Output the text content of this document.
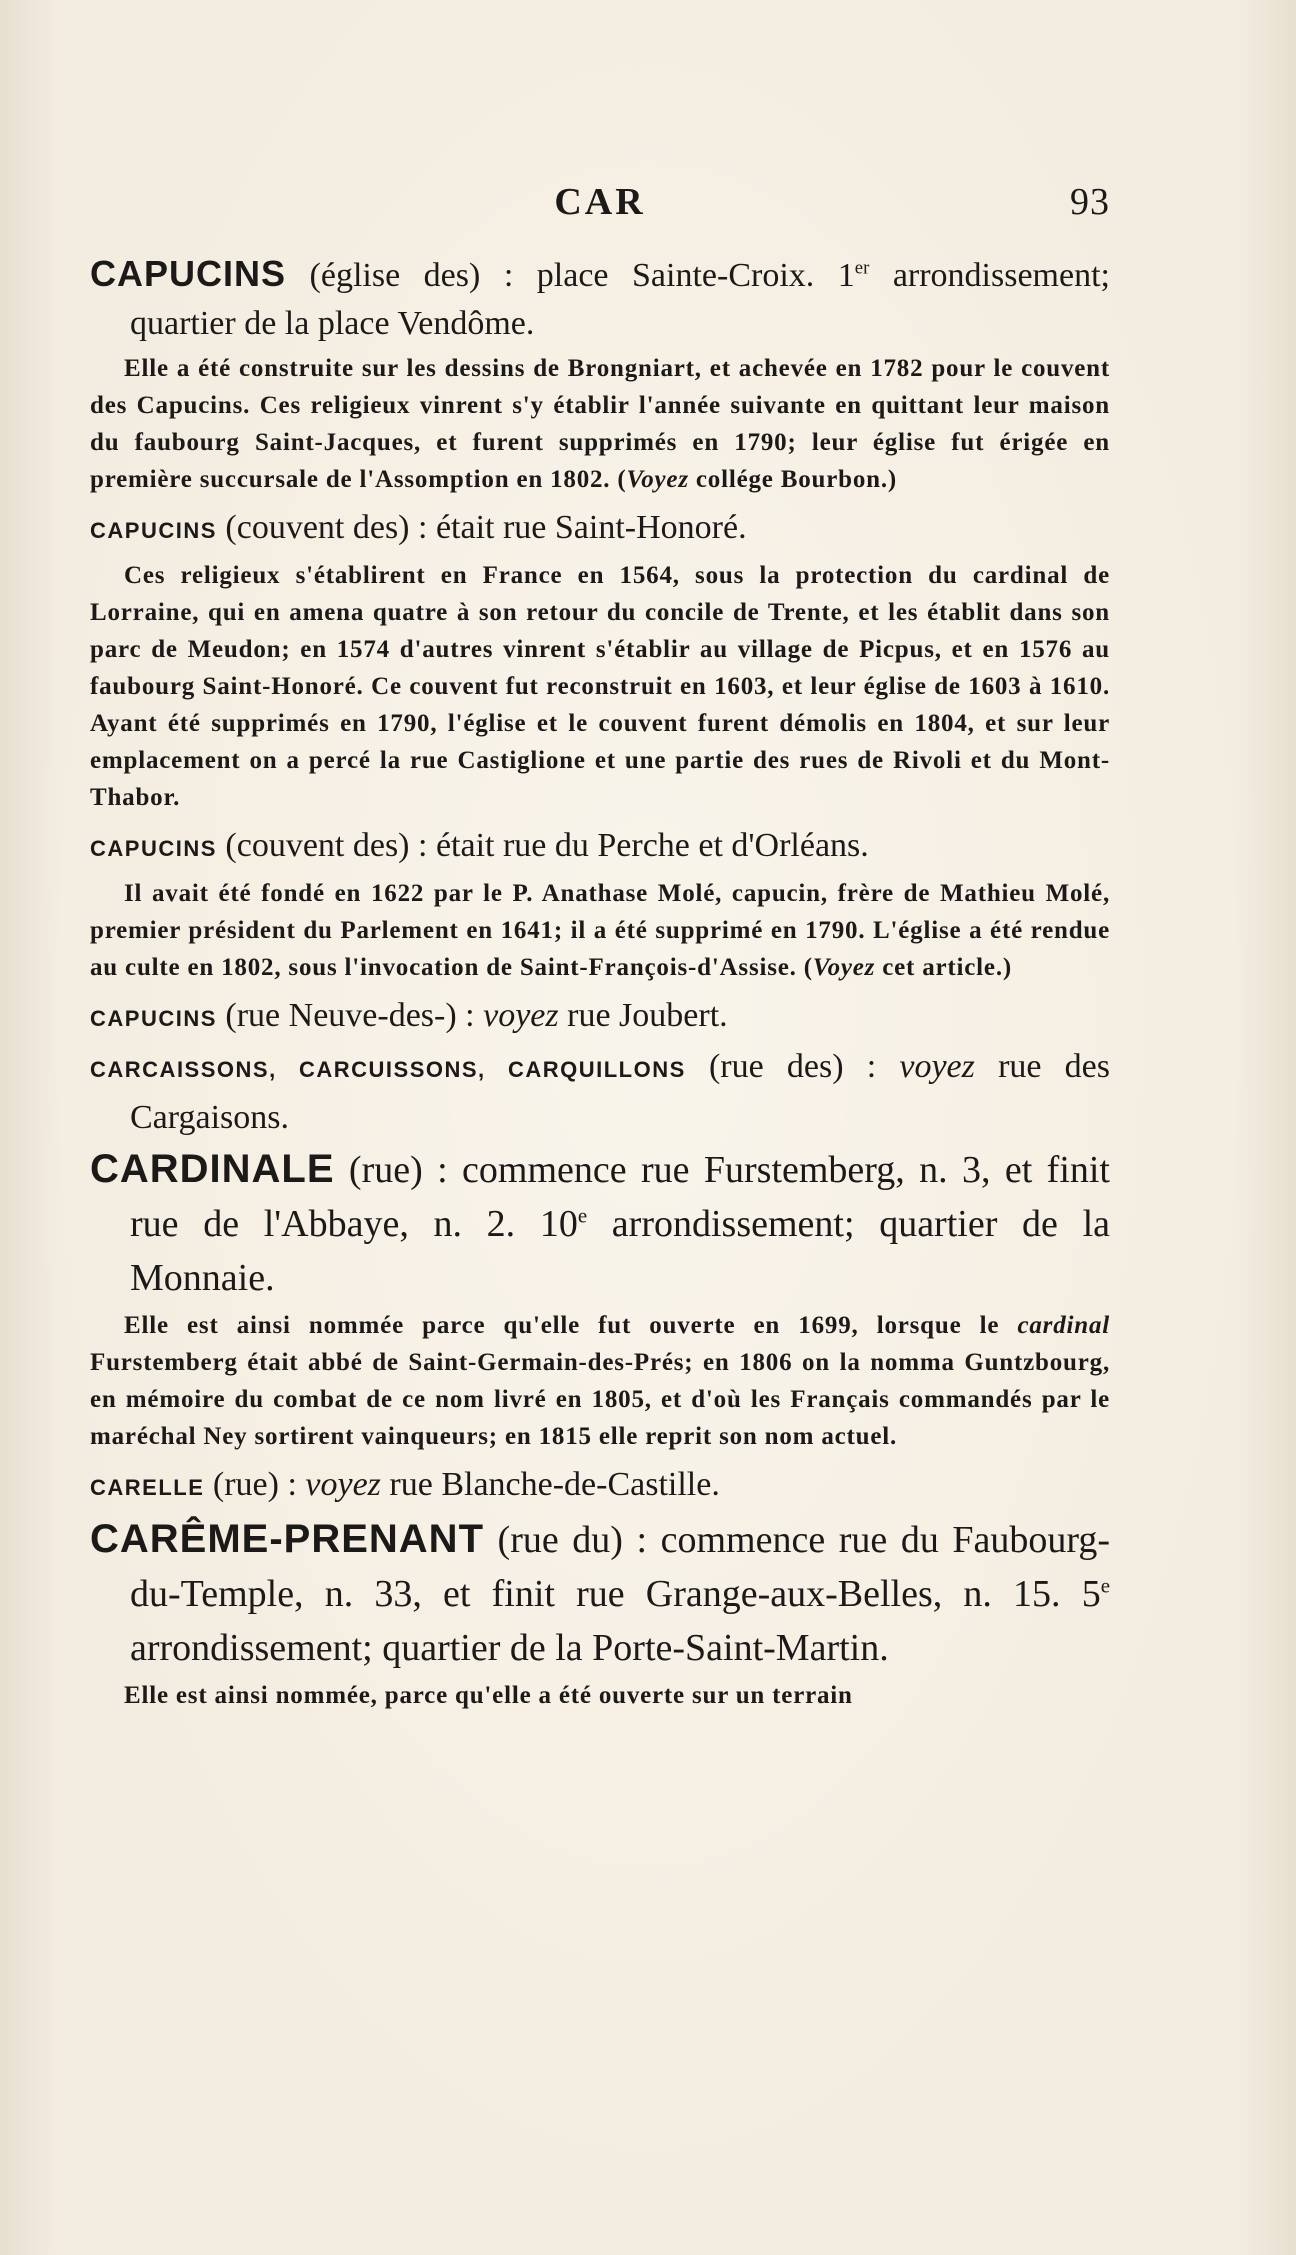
CAR	93

CAPUCINS (église des) : place Sainte-Croix. 1er arrondissement; quartier de la place Vendôme.

Elle a été construite sur les dessins de Brongniart, et achevée en 1782 pour le couvent des Capucins. Ces religieux vinrent s'y établir l'année suivante en quittant leur maison du faubourg Saint-Jacques, et furent supprimés en 1790; leur église fut érigée en première succursale de l'Assomption en 1802. (Voyez collége Bourbon.)

CAPUCINS (couvent des) : était rue Saint-Honoré.

Ces religieux s'établirent en France en 1564, sous la protection du cardinal de Lorraine, qui en amena quatre à son retour du concile de Trente, et les établit dans son parc de Meudon; en 1574 d'autres vinrent s'établir au village de Picpus, et en 1576 au faubourg Saint-Honoré. Ce couvent fut reconstruit en 1603, et leur église de 1603 à 1610. Ayant été supprimés en 1790, l'église et le couvent furent démolis en 1804, et sur leur emplacement on a percé la rue Castiglione et une partie des rues de Rivoli et du Mont-Thabor.

CAPUCINS (couvent des) : était rue du Perche et d'Orléans.

Il avait été fondé en 1622 par le P. Anathase Molé, capucin, frère de Mathieu Molé, premier président du Parlement en 1641; il a été supprimé en 1790. L'église a été rendue au culte en 1802, sous l'invocation de Saint-François-d'Assise. (Voyez cet article.)

CAPUCINS (rue Neuve-des-) : voyez rue Joubert.

CARCAISSONS, CARCUISSONS, CARQUILLONS (rue des) : voyez rue des Cargaisons.

CARDINALE (rue) : commence rue Furstemberg, n. 3, et finit rue de l'Abbaye, n. 2. 10e arrondissement; quartier de la Monnaie.

Elle est ainsi nommée parce qu'elle fut ouverte en 1699, lorsque le cardinal Furstemberg était abbé de Saint-Germain-des-Prés; en 1806 on la nomma Guntzbourg, en mémoire du combat de ce nom livré en 1805, et d'où les Français commandés par le maréchal Ney sortirent vainqueurs; en 1815 elle reprit son nom actuel.

CARELLE (rue) : voyez rue Blanche-de-Castille.

CARÊME-PRENANT (rue du) : commence rue du Faubourg-du-Temple, n. 33, et finit rue Grange-aux-Belles, n. 15. 5e arrondissement; quartier de la Porte-Saint-Martin.

Elle est ainsi nommée, parce qu'elle a été ouverte sur un terrain
